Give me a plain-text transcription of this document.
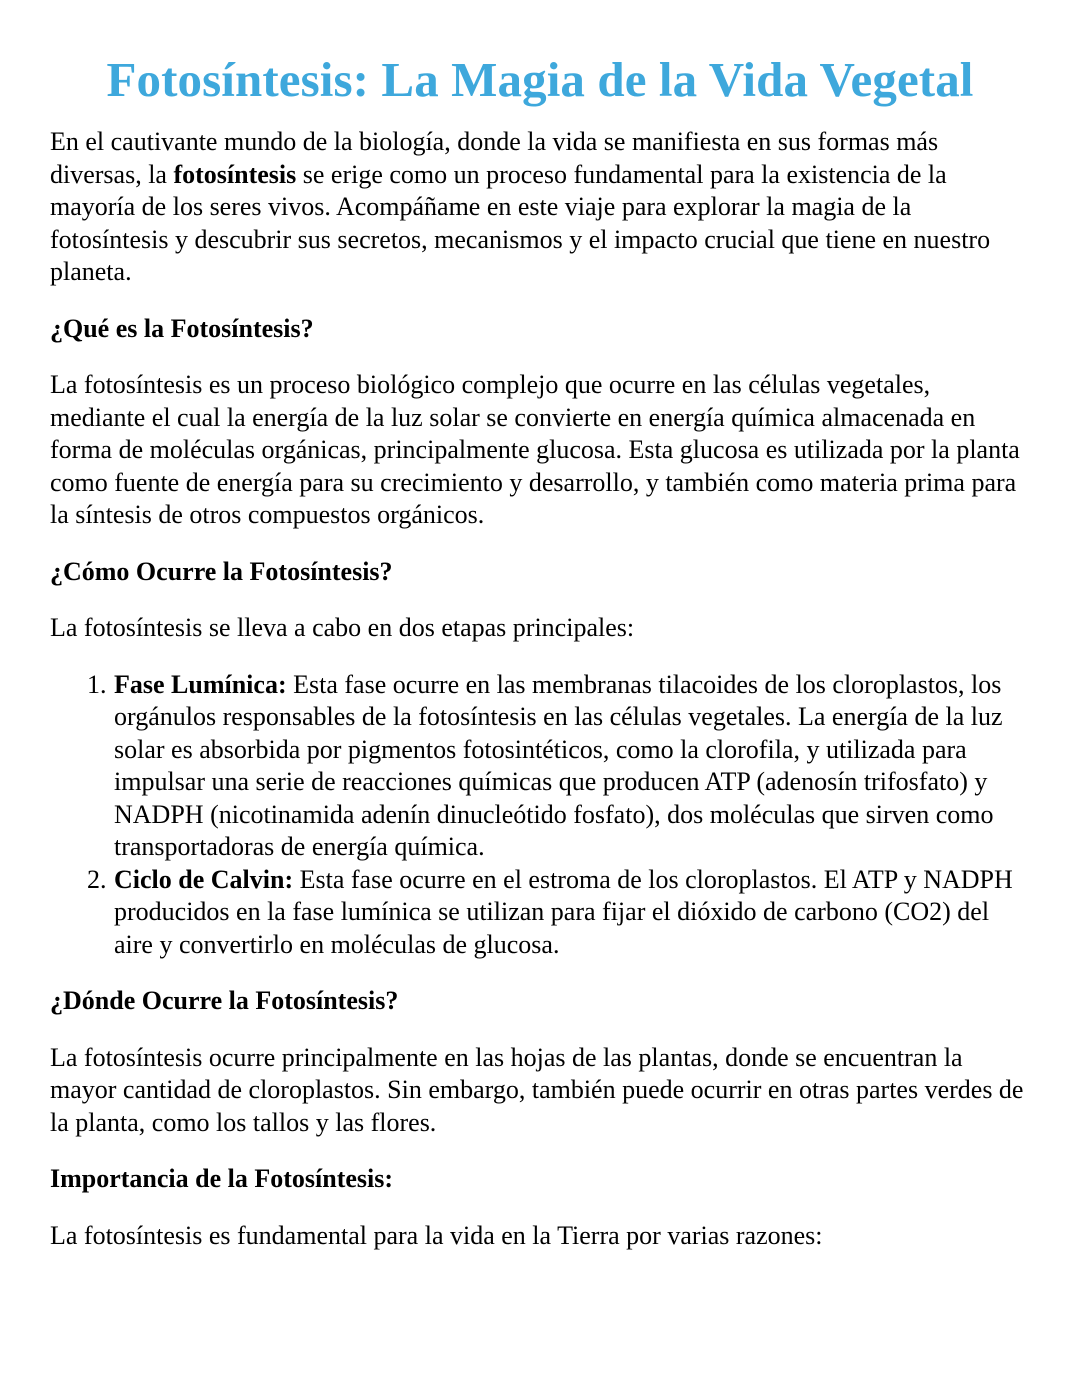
Fotosíntesis: La Magia de la Vida Vegetal

En el cautivante mundo de la biología, donde la vida se manifiesta en sus formas más diversas, la fotosíntesis se erige como un proceso fundamental para la existencia de la mayoría de los seres vivos. Acompáñame en este viaje para explorar la magia de la fotosíntesis y descubrir sus secretos, mecanismos y el impacto crucial que tiene en nuestro planeta.

¿Qué es la Fotosíntesis?

La fotosíntesis es un proceso biológico complejo que ocurre en las células vegetales, mediante el cual la energía de la luz solar se convierte en energía química almacenada en forma de moléculas orgánicas, principalmente glucosa. Esta glucosa es utilizada por la planta como fuente de energía para su crecimiento y desarrollo, y también como materia prima para la síntesis de otros compuestos orgánicos.

¿Cómo Ocurre la Fotosíntesis?

La fotosíntesis se lleva a cabo en dos etapas principales:

1. Fase Lumínica: Esta fase ocurre en las membranas tilacoides de los cloroplastos, los orgánulos responsables de la fotosíntesis en las células vegetales. La energía de la luz solar es absorbida por pigmentos fotosintéticos, como la clorofila, y utilizada para impulsar una serie de reacciones químicas que producen ATP (adenosín trifosfato) y NADPH (nicotinamida adenín dinucleótido fosfato), dos moléculas que sirven como transportadoras de energía química.
2. Ciclo de Calvin: Esta fase ocurre en el estroma de los cloroplastos. El ATP y NADPH producidos en la fase lumínica se utilizan para fijar el dióxido de carbono (CO2) del aire y convertirlo en moléculas de glucosa.
¿Dónde Ocurre la Fotosíntesis?

La fotosíntesis ocurre principalmente en las hojas de las plantas, donde se encuentran la mayor cantidad de cloroplastos. Sin embargo, también puede ocurrir en otras partes verdes de la planta, como los tallos y las flores.

Importancia de la Fotosíntesis:

La fotosíntesis es fundamental para la vida en la Tierra por varias razones:
